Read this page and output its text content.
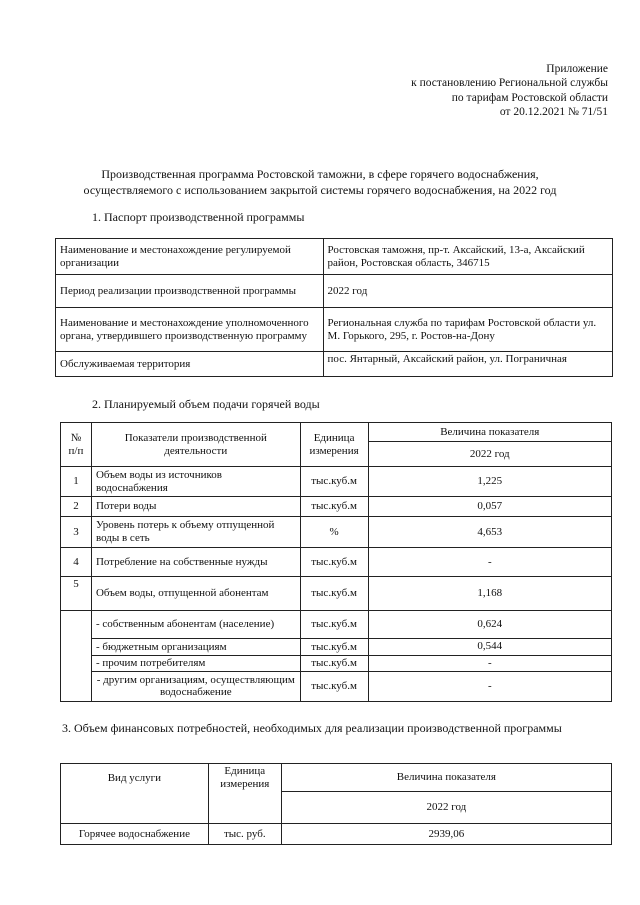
Приложение
к постановлению Региональной службы
по тарифам Ростовской области
от 20.12.2021 № 71/51
Производственная программа Ростовской таможни, в сфере горячего водоснабжения,
осуществляемого с использованием закрытой системы горячего водоснабжения, на 2022 год
1. Паспорт производственной программы
Наименование и местонахождение регулируемой организации	Ростовская таможня, пр-т. Аксайский, 13-а, Аксайский район, Ростовская область, 346715
Период реализации производственной программы	2022 год
Наименование и местонахождение уполномоченного органа, утвердившего производственную программу	Региональная служба по тарифам Ростовской области ул. М. Горького, 295, г. Ростов-на-Дону
Обслуживаемая территория	пос. Янтарный, Аксайский район, ул. Пограничная
2. Планируемый объем подачи горячей воды
№ п/п	Показатели производственной деятельности	Единица измерения	Величина показателя
			2022 год
1	Объем воды из источников водоснабжения	тыс.куб.м	1,225
2	Потери воды	тыс.куб.м	0,057
3	Уровень потерь к объему отпущенной воды в сеть	%	4,653
4	Потребление на собственные нужды	тыс.куб.м	-
5	Объем воды, отпущенной абонентам	тыс.куб.м	1,168
	- собственным абонентам (население)	тыс.куб.м	0,624
	- бюджетным организациям	тыс.куб.м	0,544
	- прочим потребителям	тыс.куб.м	-
	- другим организациям, осуществляющим водоснабжение	тыс.куб.м	-
3. Объем финансовых потребностей, необходимых для реализации производственной программы
Вид услуги	Единица измерения	Величина показателя

		2022 год

Горячее водоснабжение	тыс. руб.	2939,06
